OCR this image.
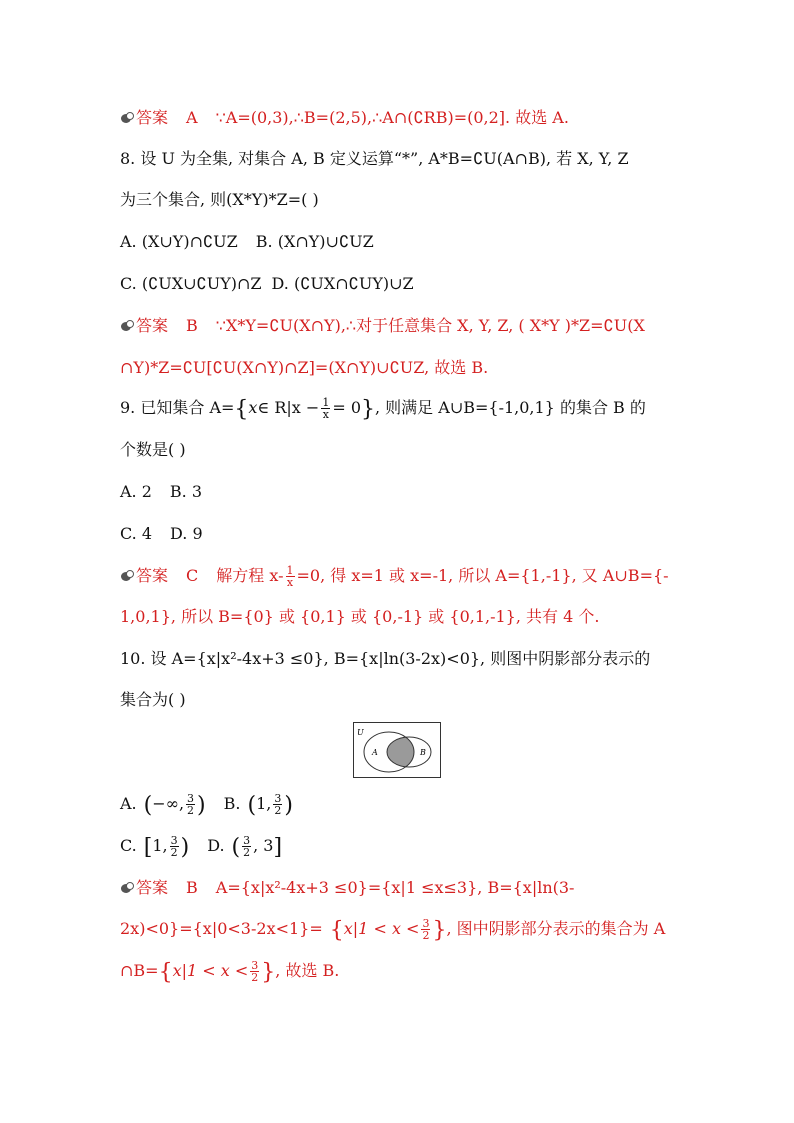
答案 A ∵A=(0,3),∴B=(2,5),∴A∩(∁RB)=(0,2]. 故选 A.
8. 设 U 为全集, 对集合 A, B 定义运算“*”, A*B=∁U(A∩B), 若 X, Y, Z
为三个集合, 则(X*Y)*Z=( )
A. (X∪Y)∩∁UZ B. (X∩Y)∪∁UZ
C. (∁UX∪∁UY)∩Z D. (∁UX∩∁UY)∪Z
答案 B ∵X*Y=∁U(X∩Y),∴对于任意集合 X, Y, Z, ( X*Y )*Z=∁U(X
∩Y)*Z=∁U[∁U(X∩Y)∩Z]=(X∩Y)∪∁UZ, 故选 B.
9. 已知集合 A={x∈ $R|x - \frac{1}{x} = 0$}, 则满足 A∪B={-1,0,1} 的集合 B 的
个数是( )
A. 2 B. 3
C. 4 D. 9
答案 C 解方程 $x- \frac{1}{x} =0$, 得 x=1 或 x=-1, 所以 A={1,-1}, 又 A∪B={-
1,0,1}, 所以 B={0} 或 {0,1} 或 {0,-1} 或 {0,1,-1}, 共有 4 个.
10. 设 A={x|x²-4x+3 ≤0}, B={x|ln(3-2x)<0}, 则图中阴影部分表示的
集合为( )
U
A	B
A. (−∞, $\frac{3}{2}$ ) B. (1, $\frac{3}{2}$ )
C. [1, $\frac{3}{2}$ ) D. ( $\frac{3}{2}$ , 3]
答案 B A={x|x²-4x+3 ≤0}={x|1 ≤x≤3}, B={x|ln(3-
$2x)<0\}=\{x|0<3-2x<1\}= \{x|1 < x < \frac{3}{2}$ }, 图中阴影部分表示的集合为 A
∩B={x|1 < $x < \frac{3}{2}$ }, 故选 B.
